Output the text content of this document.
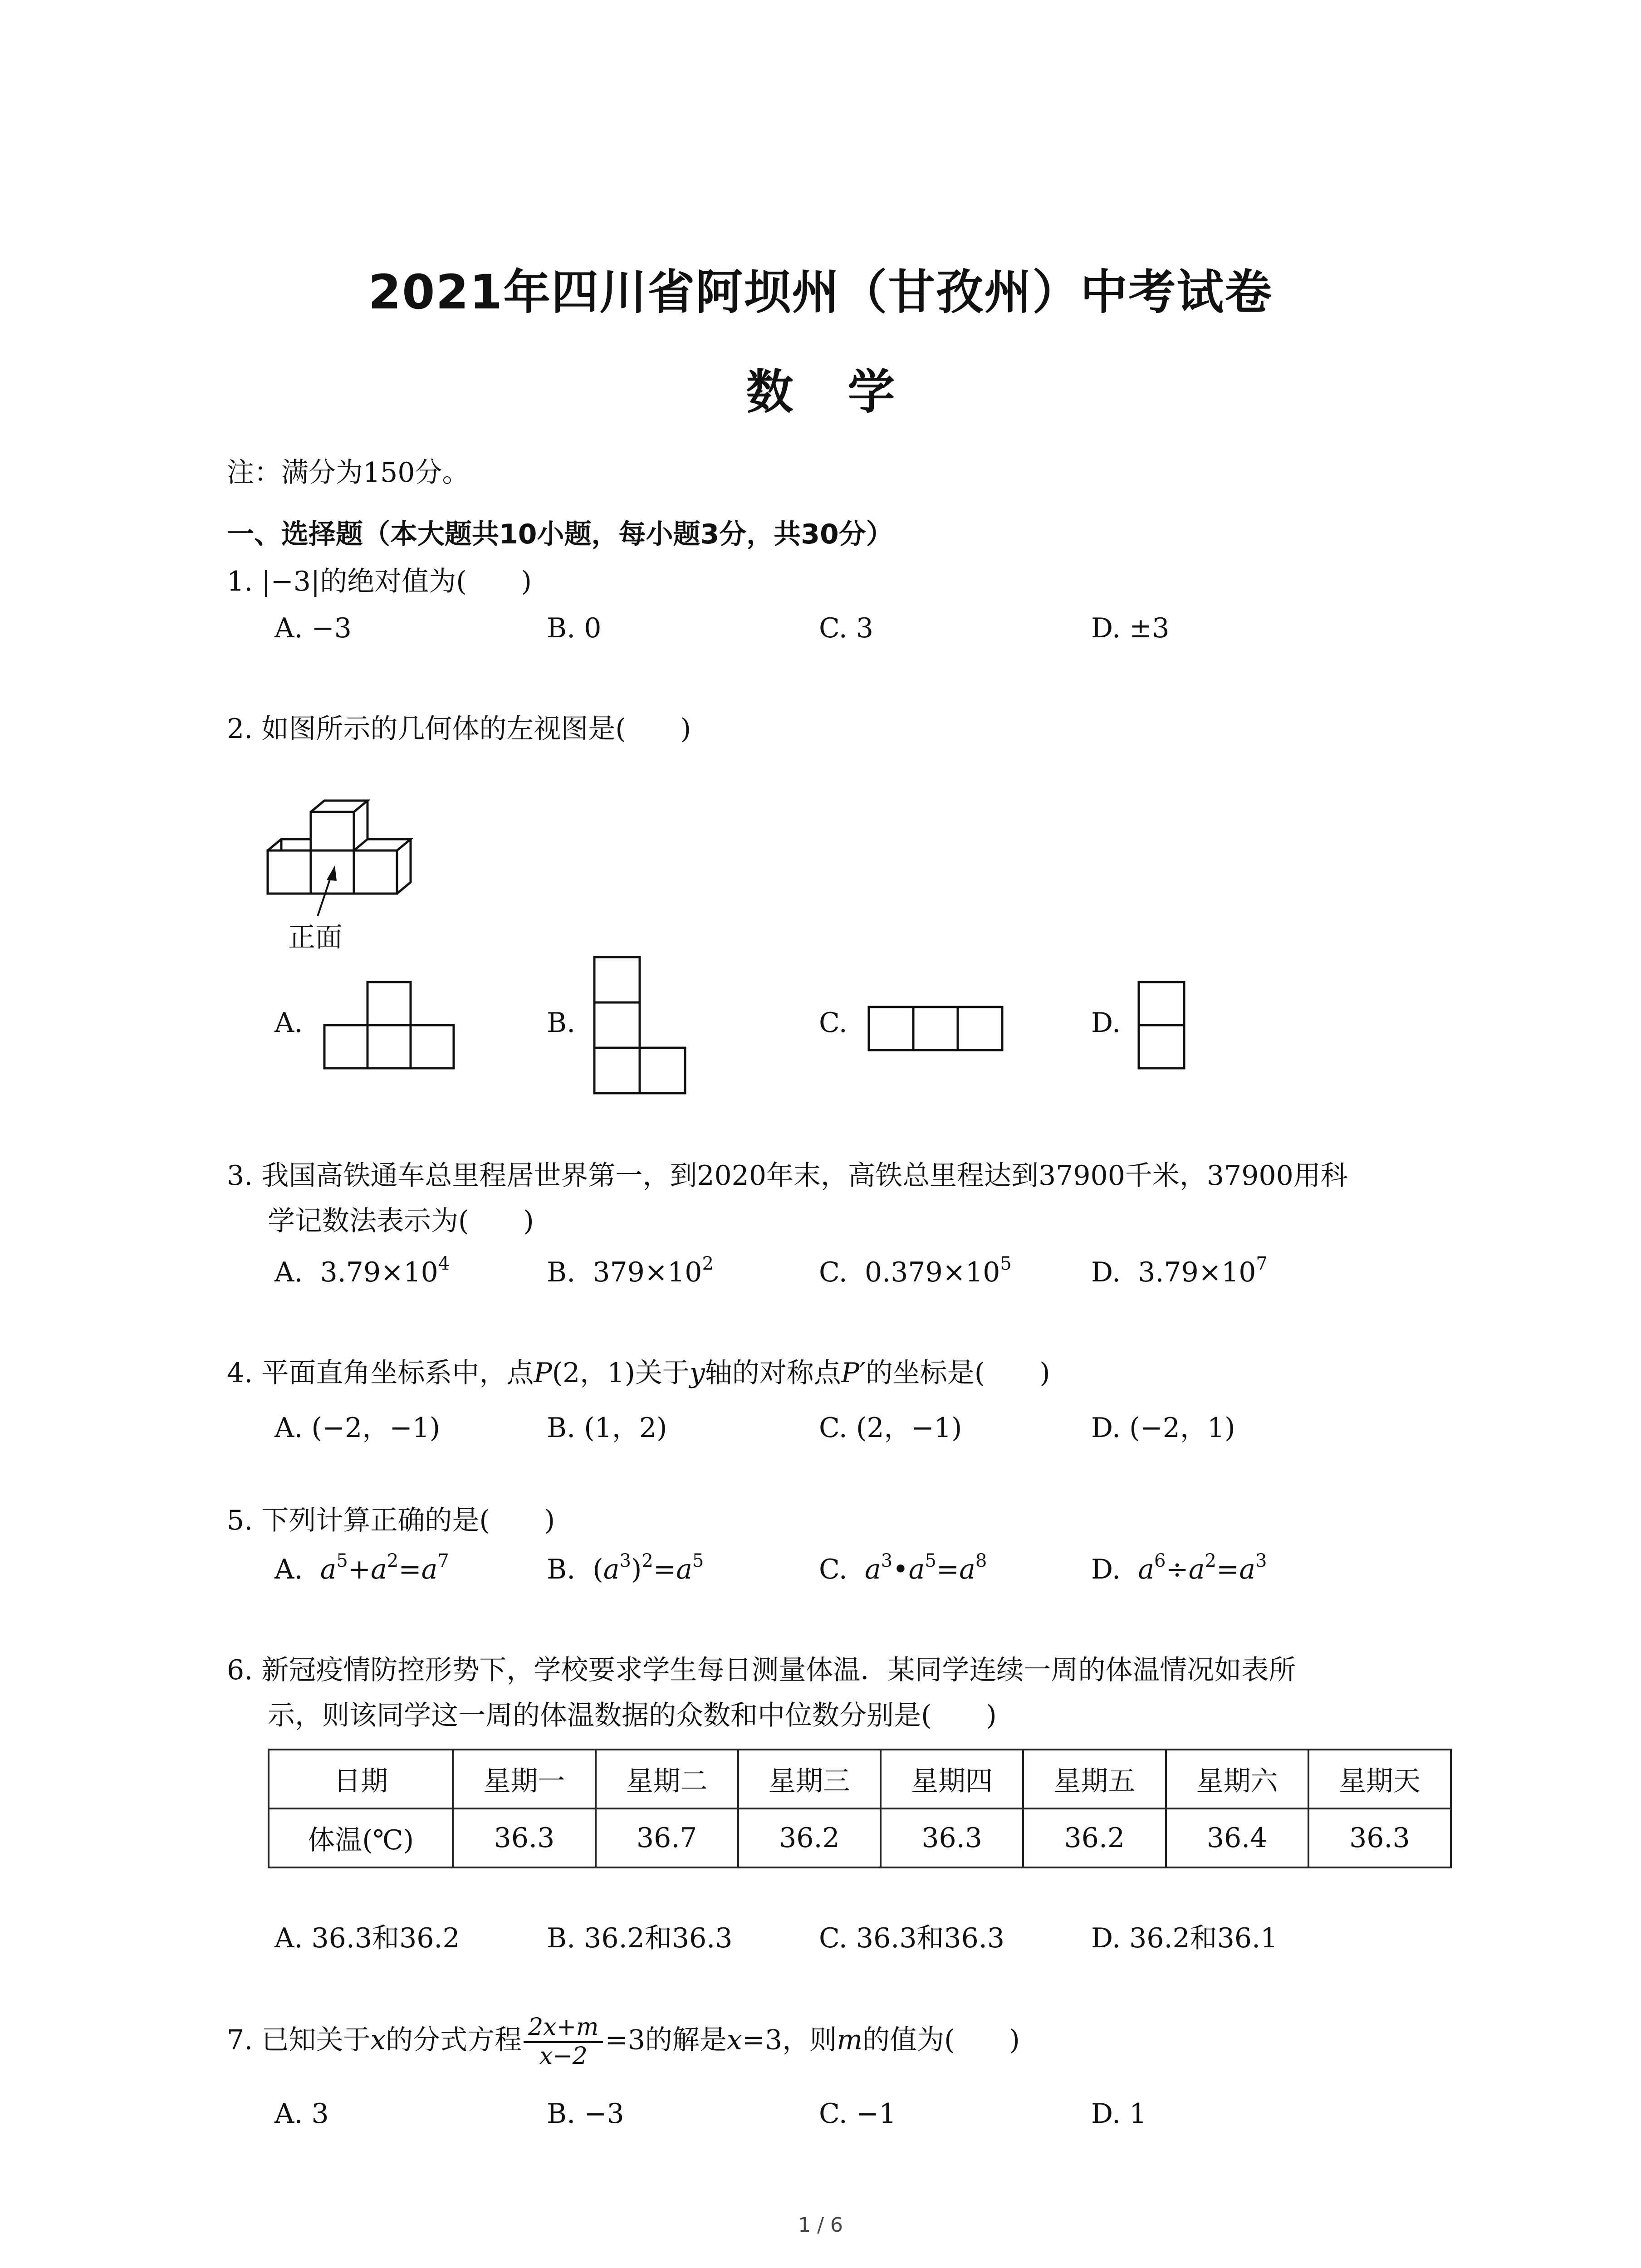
2021年四川省阿坝州（甘孜州）中考试卷
数学
注：满分为150分。
一、选择题（本大题共10小题，每小题3分，共30分）
1. |−3|的绝对值为(　　)
A. −3	B. 0	C. 3	D. ±3
2. 如图所示的几何体的左视图是(　　)
正面
A.	B.	C.	D.
3. 我国高铁通车总里程居世界第一，到2020年末，高铁总里程达到37900千米，37900用科
学记数法表示为(　　)
A. $3.79\times 10^4$	B. $379\times 10^2$	C. $0.379\times 10^5$	D. $3.79\times 10^7$
4. 平面直角坐标系中，点P(2，1)关于y轴的对称点P′的坐标是(　　)
A. (−2，−1)	B. (1，2)	C. (2，−1)	D. (−2，1)
5. 下列计算正确的是(　　)
A. $a^5+a^2=a^7$	B. $(a^3)^2=a^5$	C. $a^3•a^5=a^8$	D. $a^6\div a^2=a^3$
6. 新冠疫情防控形势下，学校要求学生每日测量体温．某同学连续一周的体温情况如表所
示，则该同学这一周的体温数据的众数和中位数分别是(　　)
日期	星期一	星期二	星期三	星期四	星期五	星期六	星期天
体温(℃)	36.3	36.7	36.2	36.3	36.2	36.4	36.3
A. 36.3和36.2	B. 36.2和36.3	C. 36.3和36.3	D. 36.2和36.1
7. 已知关于x的分式方程 $\frac{2x+m}{x-2} =3$的解是x=3，则m的值为(　　)
A. 3	B. −3	C. −1	D. 1
1 / 6
